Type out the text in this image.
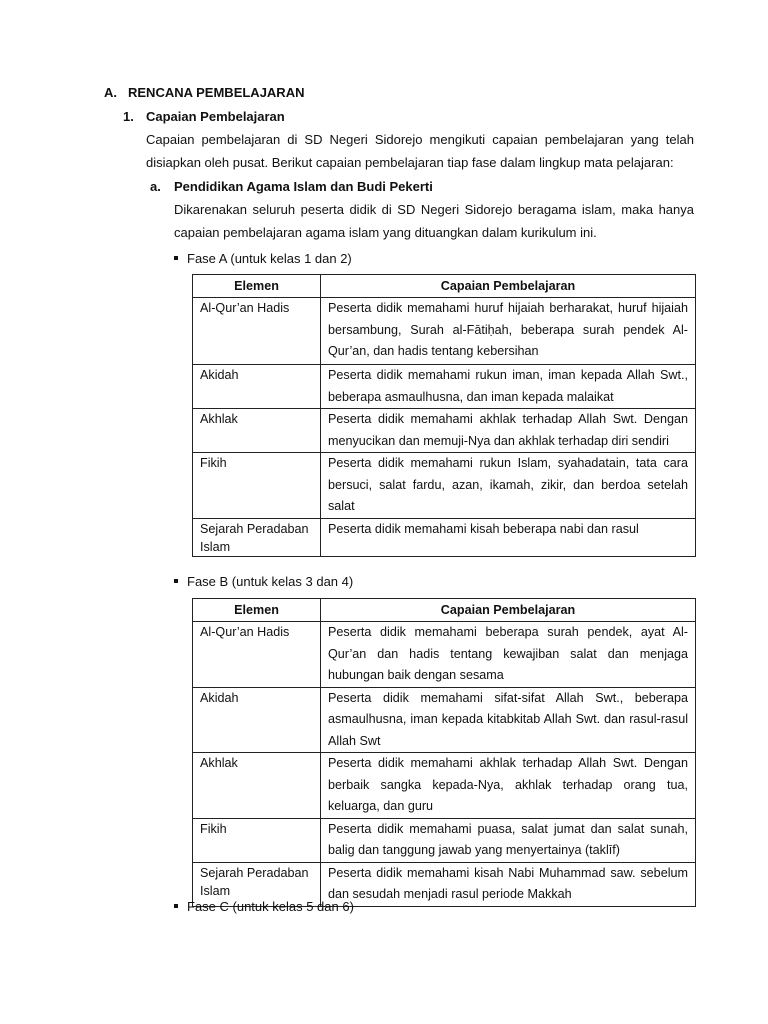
A. RENCANA PEMBELAJARAN
1. Capaian Pembelajaran
Capaian pembelajaran di SD Negeri Sidorejo mengikuti capaian pembelajaran yang telah
disiapkan oleh pusat. Berikut capaian pembelajaran tiap fase dalam lingkup mata pelajaran:
a. Pendidikan Agama Islam dan Budi Pekerti
Dikarenakan seluruh peserta didik di SD Negeri Sidorejo beragama islam, maka hanya
capaian pembelajaran agama islam yang dituangkan dalam kurikulum ini.
Fase A (untuk kelas 1 dan 2)
Elemen	Capaian Pembelajaran
Al-Qur’an Hadis	Peserta didik memahami huruf hijaiah berharakat, huruf hijaiah
bersambung, Surah al-Fātiḥah, beberapa surah pendek Al-
Qur’an, dan hadis tentang kebersihan

Akidah	Peserta didik memahami rukun iman, iman kepada Allah Swt.,
beberapa asmaulhusna, dan iman kepada malaikat

Akhlak	Peserta didik memahami akhlak terhadap Allah Swt. Dengan
menyucikan dan memuji-Nya dan akhlak terhadap diri sendiri

Fikih	Peserta didik memahami rukun Islam, syahadatain, tata cara
bersuci, salat fardu, azan, ikamah, zikir, dan berdoa setelah
salat

Sejarah Peradaban Islam	Peserta didik memahami kisah beberapa nabi dan rasul
Fase B (untuk kelas 3 dan 4)
Elemen	Capaian Pembelajaran
Al-Qur’an Hadis	Peserta didik memahami beberapa surah pendek, ayat Al-
Qur’an dan hadis tentang kewajiban salat dan menjaga
hubungan baik dengan sesama

Akidah	Peserta didik memahami sifat-sifat Allah Swt., beberapa
asmaulhusna, iman kepada kitabkitab Allah Swt. dan rasul-rasul
Allah Swt

Akhlak	Peserta didik memahami akhlak terhadap Allah Swt. Dengan
berbaik sangka kepada-Nya, akhlak terhadap orang tua,
keluarga, dan guru

Fikih	Peserta didik memahami puasa, salat jumat dan salat sunah,
balig dan tanggung jawab yang menyertainya (taklīf)

Sejarah Peradaban Islam	Peserta didik memahami kisah Nabi Muhammad saw. sebelum
dan sesudah menjadi rasul periode Makkah
Fase C (untuk kelas 5 dan 6)
